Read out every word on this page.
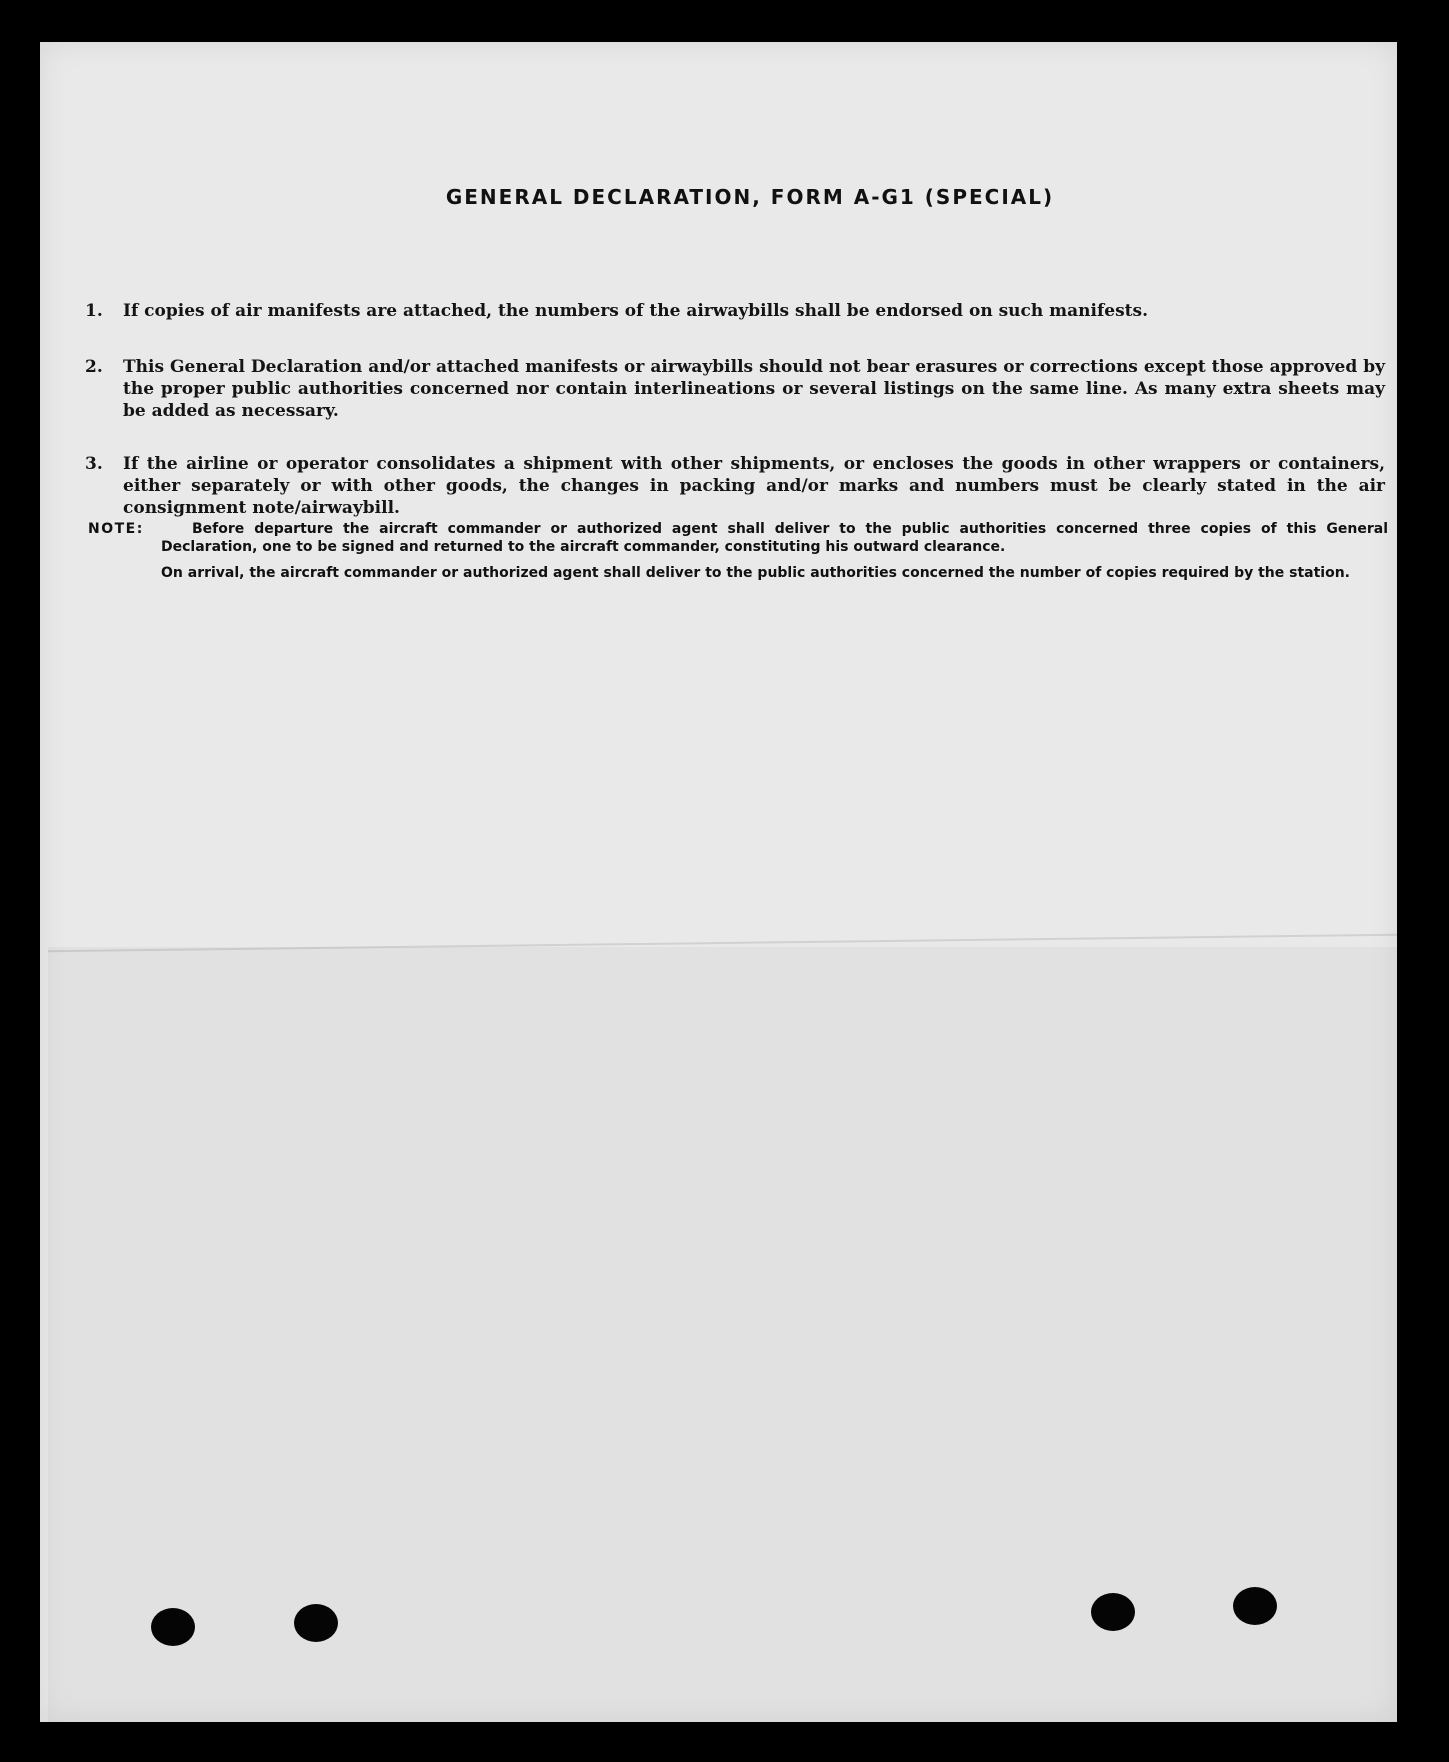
GENERAL DECLARATION, FORM A-G1 (SPECIAL)
1. If copies of air manifests are attached, the numbers of the airwaybills shall be endorsed on such manifests.
2. This General Declaration and/or attached manifests or airwaybills should not bear erasures or corrections except those approved by the proper public authorities concerned nor contain interlineations or several listings on the same line. As many extra sheets may be added as necessary.
3. If the airline or operator consolidates a shipment with other shipments, or encloses the goods in other wrappers or containers, either separately or with other goods, the changes in packing and/or marks and numbers must be clearly stated in the air consignment note/airwaybill.
NOTE:	Before departure the aircraft commander or authorized agent shall deliver to the public authorities concerned three copies of this General Declaration, one to be signed and returned to the aircraft commander, constituting his outward clearance.

On arrival, the aircraft commander or authorized agent shall deliver to the public authorities concerned the number of copies required by the station.
